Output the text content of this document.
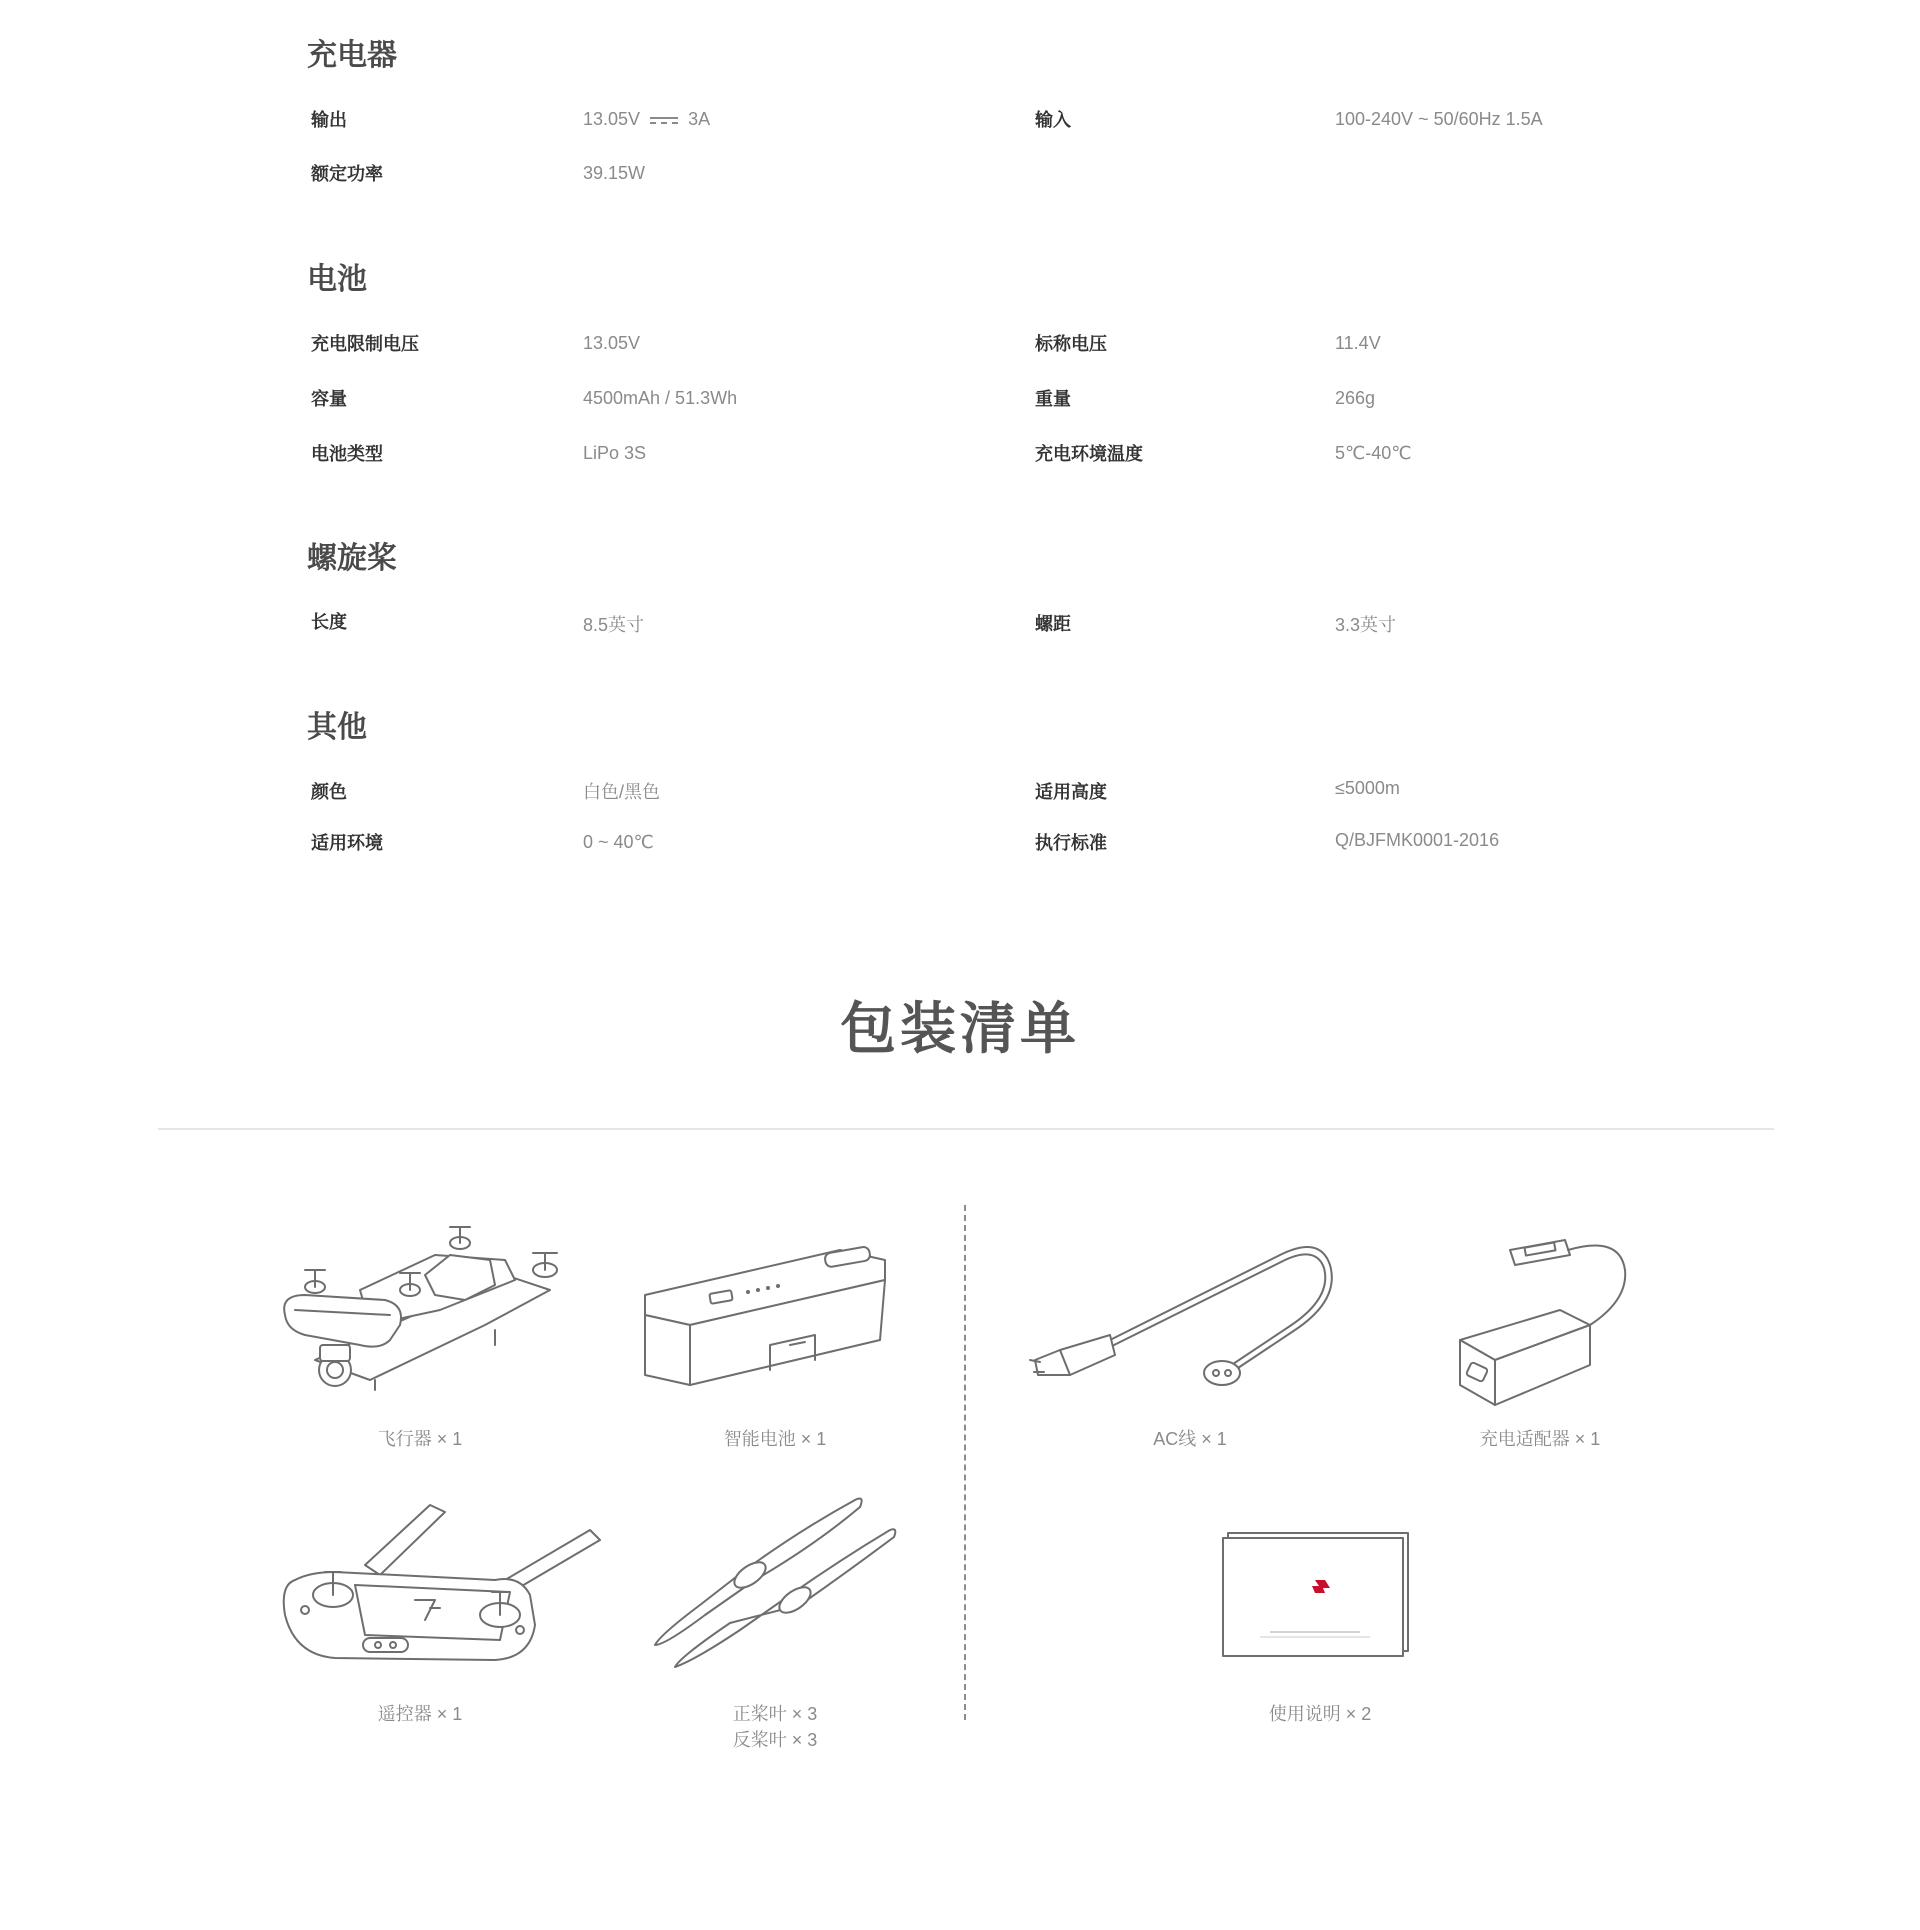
充电器
输出	13.05V	3A	输入	100-240V ~ 50/60Hz 1.5A
额定功率	39.15W
电池
充电限制电压	13.05V	标称电压	11.4V
容量	4500mAh / 51.3Wh	重量	266g
电池类型	LiPo 3S	充电环境温度	5℃-40℃
螺旋桨
长度	8.5英寸	螺距	3.3英寸
其他
颜色	白色/黑色	适用高度	≤5000m
适用环境	0 ~ 40℃	执行标准	Q/BJFMK0001-2016
包装清单
飞行器 × 1	智能电池 × 1	AC线 × 1	充电适配器 × 1
遥控器 × 1	正桨叶 × 3
反桨叶 × 3
使用说明 × 2
